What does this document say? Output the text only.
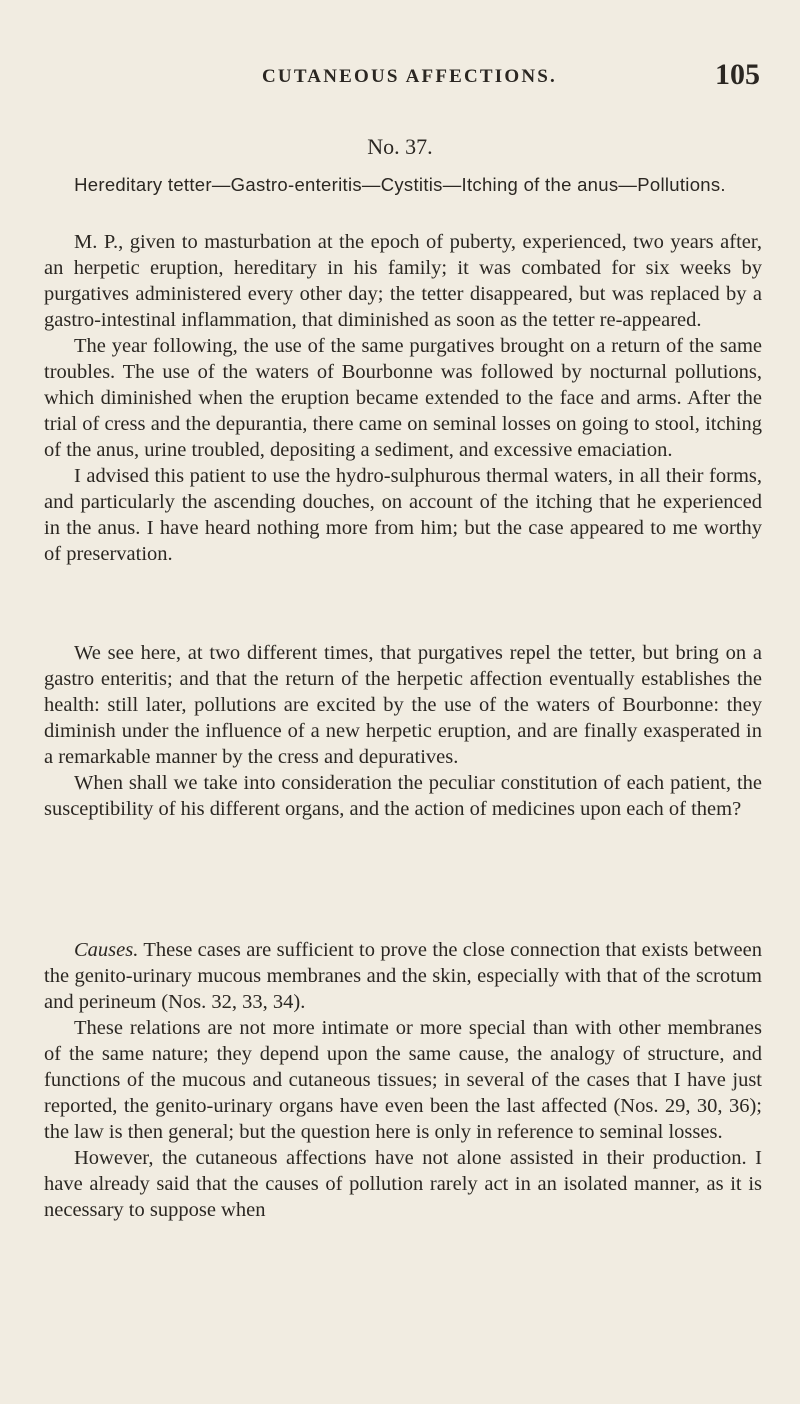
CUTANEOUS AFFECTIONS.	105
No. 37.
Hereditary tetter—Gastro-enteritis—Cystitis—Itching of the anus—Pollutions.

M. P., given to masturbation at the epoch of puberty, experienced, two years after, an herpetic eruption, hereditary in his family; it was combated for six weeks by purgatives administered every other day; the tetter disappeared, but was replaced by a gastro-intestinal inflammation, that diminished as soon as the tetter re-appeared.

The year following, the use of the same purgatives brought on a return of the same troubles. The use of the waters of Bourbonne was followed by nocturnal pollutions, which diminished when the eruption became extended to the face and arms. After the trial of cress and the depurantia, there came on seminal losses on going to stool, itching of the anus, urine troubled, depositing a sediment, and excessive emaciation.

I advised this patient to use the hydro-sulphurous thermal waters, in all their forms, and particularly the ascending douches, on account of the itching that he experienced in the anus. I have heard nothing more from him; but the case appeared to me worthy of preservation.

We see here, at two different times, that purgatives repel the tetter, but bring on a gastro enteritis; and that the return of the herpetic affection eventually establishes the health: still later, pollutions are excited by the use of the waters of Bourbonne: they diminish under the influence of a new herpetic eruption, and are finally exasperated in a remarkable manner by the cress and depuratives.

When shall we take into consideration the peculiar constitution of each patient, the susceptibility of his different organs, and the action of medicines upon each of them?

Causes. These cases are sufficient to prove the close connection that exists between the genito-urinary mucous membranes and the skin, especially with that of the scrotum and perineum (Nos. 32, 33, 34).

These relations are not more intimate or more special than with other membranes of the same nature; they depend upon the same cause, the analogy of structure, and functions of the mucous and cutaneous tissues; in several of the cases that I have just reported, the genito-urinary organs have even been the last affected (Nos. 29, 30, 36); the law is then general; but the question here is only in reference to seminal losses.

However, the cutaneous affections have not alone assisted in their production. I have already said that the causes of pollution rarely act in an isolated manner, as it is necessary to suppose when
